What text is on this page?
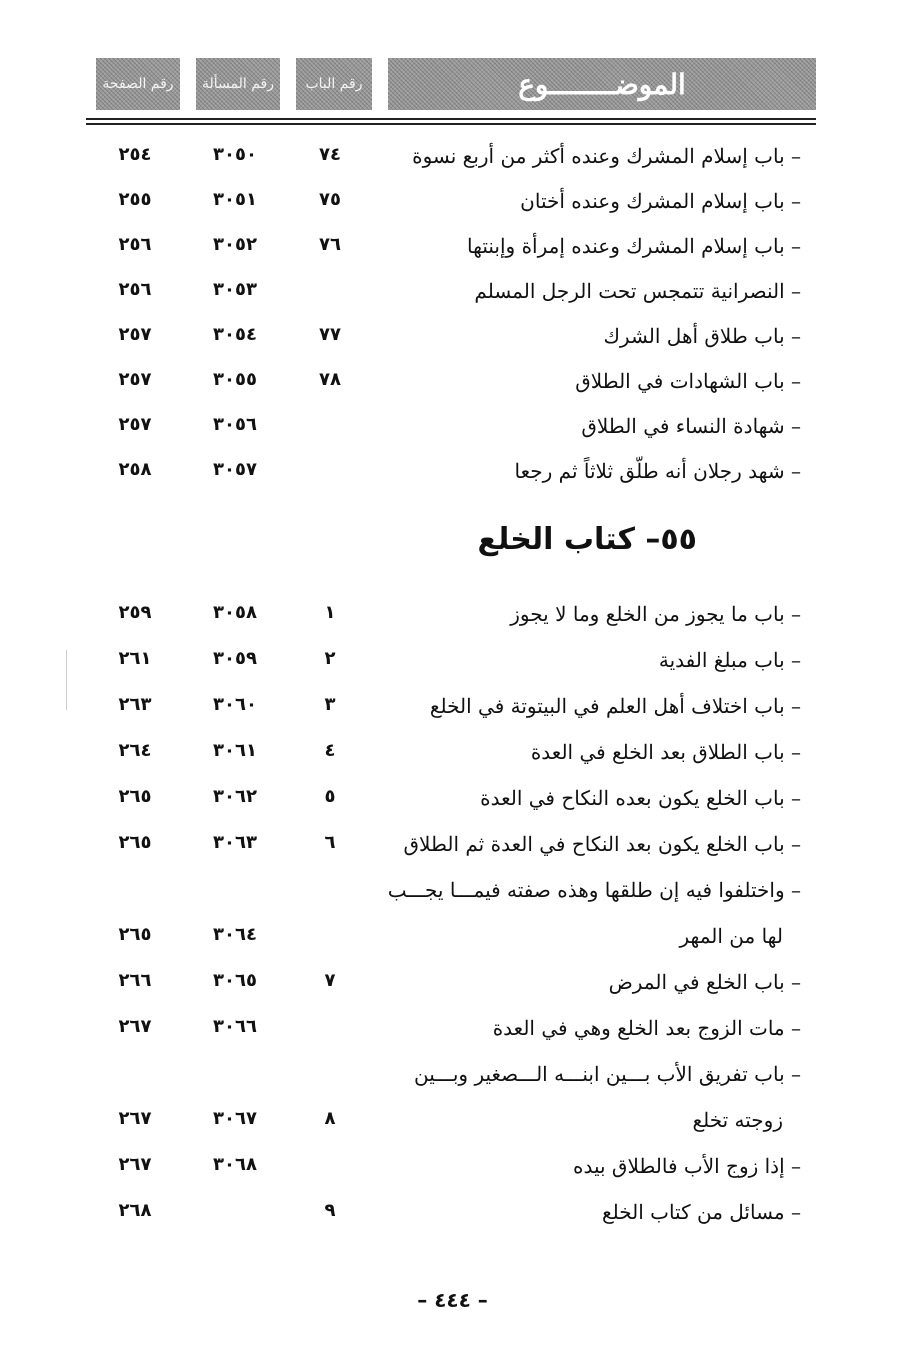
الموضــــــــوع
رقم الباب
رقم المسألة
رقم الصفحة
– باب إسلام المشرك وعنده أكثر من أربع نسوة
٧٤
٣٠٥٠
٢٥٤
– باب إسلام المشرك وعنده أختان
٧٥
٣٠٥١
٢٥٥
– باب إسلام المشرك وعنده إمرأة وإبنتها
٧٦
٣٠٥٢
٢٥٦
– النصرانية تتمجس تحت الرجل المسلم
٣٠٥٣
٢٥٦
– باب طلاق أهل الشرك
٧٧
٣٠٥٤
٢٥٧
– باب الشهادات في الطلاق
٧٨
٣٠٥٥
٢٥٧
– شهادة النساء في الطلاق
٣٠٥٦
٢٥٧
– شهد رجلان أنه طلّق ثلاثاً ثم رجعا
٣٠٥٧
٢٥٨
٥٥– كتاب الخلع
– باب ما يجوز من الخلع وما لا يجوز
١
٣٠٥٨
٢٥٩
– باب مبلغ الفدية
٢
٣٠٥٩
٢٦١
– باب اختلاف أهل العلم في البيتوتة في الخلع
٣
٣٠٦٠
٢٦٣
– باب الطلاق بعد الخلع في العدة
٤
٣٠٦١
٢٦٤
– باب الخلع يكون بعده النكاح في العدة
٥
٣٠٦٢
٢٦٥
– باب الخلع يكون بعد النكاح في العدة ثم الطلاق
٦
٣٠٦٣
٢٦٥
– واختلفوا فيه إن طلقها وهذه صفته فيمـــا يجـــب
لها من المهر
٣٠٦٤
٢٦٥
– باب الخلع في المرض
٧
٣٠٦٥
٢٦٦
– مات الزوج بعد الخلع وهي في العدة
٣٠٦٦
٢٦٧
– باب تفريق الأب بـــين ابنـــه الـــصغير وبـــين
زوجته تخلع
٨
٣٠٦٧
٢٦٧
– إذا زوج الأب فالطلاق بيده
٣٠٦٨
٢٦٧
– مسائل من كتاب الخلع
٩
٢٦٨
– ٤٤٤ –
